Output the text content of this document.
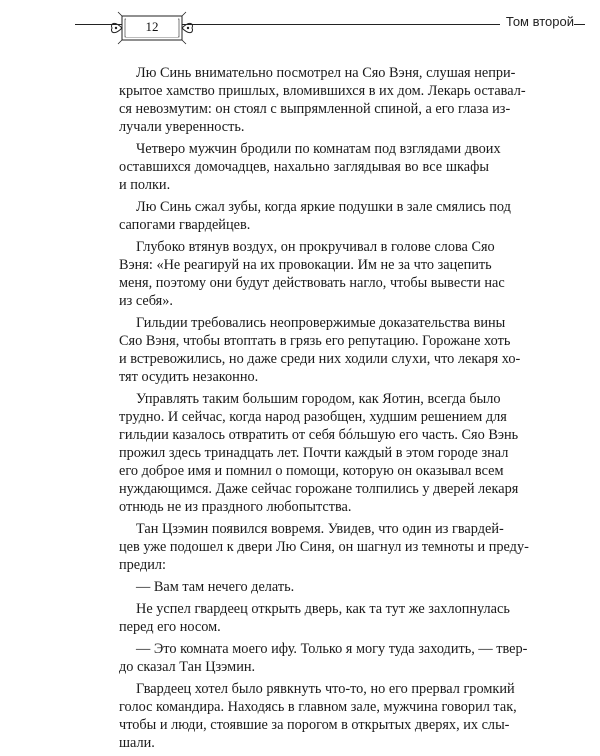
12	Том второй

Лю Синь внимательно посмотрел на Сяо Вэня, слушая непри-
крытое хамство пришлых, вломившихся в их дом. Лекарь оставал-
ся невозмутим: он стоял с выпрямленной спиной, а его глаза из-
лучали уверенность.

Четверо мужчин бродили по комнатам под взглядами двоих
оставшихся домочадцев, нахально заглядывая во все шкафы
и полки.

Лю Синь сжал зубы, когда яркие подушки в зале смялись под
сапогами гвардейцев.

Глубоко втянув воздух, он прокручивал в голове слова Сяо
Вэня: «Не реагируй на их провокации. Им не за что зацепить
меня, поэтому они будут действовать нагло, чтобы вывести нас
из себя».

Гильдии требовались неопровержимые доказательства вины
Сяо Вэня, чтобы втоптать в грязь его репутацию. Горожане хоть
и встревожились, но даже среди них ходили слухи, что лекаря хо-
тят осудить незаконно.

Управлять таким большим городом, как Яотин, всегда было
трудно. И сейчас, когда народ разобщен, худшим решением для
гильдии казалось отвратить от себя бóльшую его часть. Сяо Вэнь
прожил здесь тринадцать лет. Почти каждый в этом городе знал
его доброе имя и помнил о помощи, которую он оказывал всем
нуждающимся. Даже сейчас горожане толпились у дверей лекаря
отнюдь не из праздного любопытства.

Тан Цзэмин появился вовремя. Увидев, что один из гвардей-
цев уже подошел к двери Лю Синя, он шагнул из темноты и преду-
предил:

— Вам там нечего делать.

Не успел гвардеец открыть дверь, как та тут же захлопнулась
перед его носом.

— Это комната моего ифу. Только я могу туда заходить, — твер-
до сказал Тан Цзэмин.

Гвардеец хотел было рявкнуть что-то, но его прервал громкий
голос командира. Находясь в главном зале, мужчина говорил так,
чтобы и люди, стоявшие за порогом в открытых дверях, их слы-
шали.
